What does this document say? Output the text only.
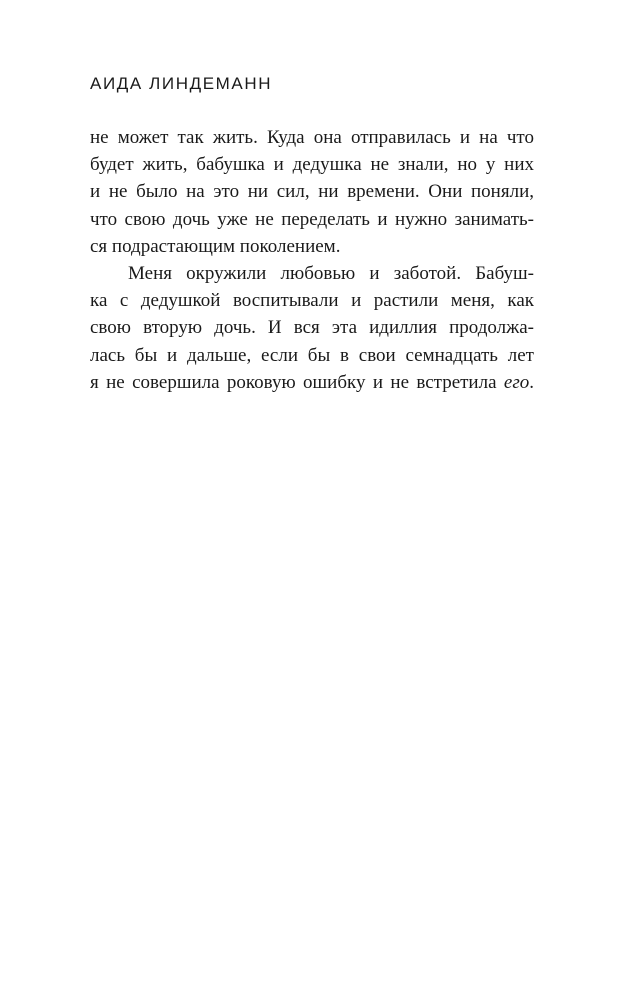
АИДА ЛИНДЕМАНН
не может так жить. Куда она отправилась и на что
будет жить, бабушка и дедушка не знали, но у них
и не было на это ни сил, ни времени. Они поняли,
что свою дочь уже не переделать и нужно занимать-
ся подрастающим поколением.
Меня окружили любовью и заботой. Бабуш-
ка с дедушкой воспитывали и растили меня, как
свою вторую дочь. И вся эта идиллия продолжа-
лась бы и дальше, если бы в свои семнадцать лет
я не совершила роковую ошибку и не встретила его.
